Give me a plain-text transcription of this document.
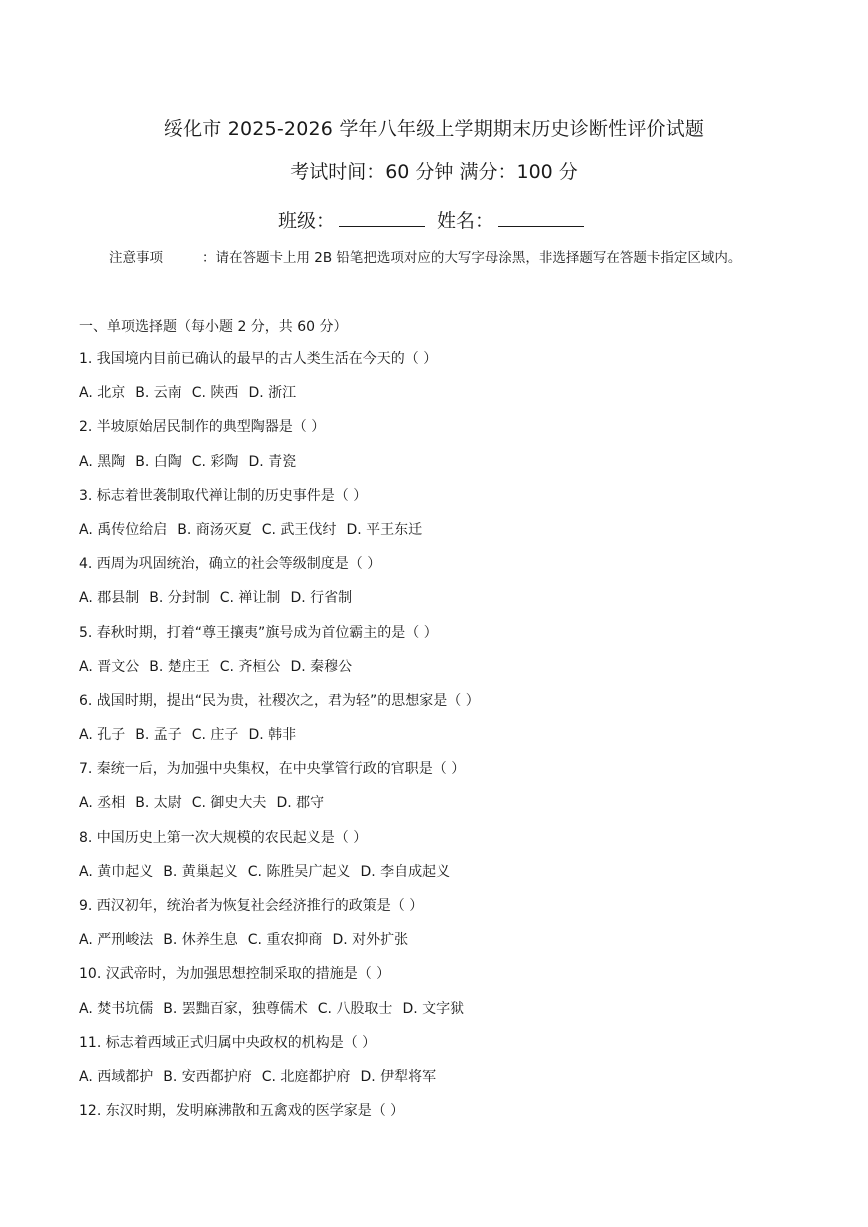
绥化市 2025-2026 学年八年级上学期期末历史诊断性评价试题
考试时间：60 分钟 满分：100 分
班级：	姓名：
注意事项	：请在答题卡上用 2B 铅笔把选项对应的大写字母涂黑，非选择题写在答题卡指定区域内。
一、单项选择题（每小题 2 分，共 60 分）
1. 我国境内目前已确认的最早的古人类生活在今天的（ ）
A. 北京 B. 云南 C. 陕西 D. 浙江
2. 半坡原始居民制作的典型陶器是（ ）
A. 黑陶 B. 白陶 C. 彩陶 D. 青瓷
3. 标志着世袭制取代禅让制的历史事件是（ ）
A. 禹传位给启 B. 商汤灭夏 C. 武王伐纣 D. 平王东迁
4. 西周为巩固统治，确立的社会等级制度是（ ）
A. 郡县制 B. 分封制 C. 禅让制 D. 行省制
5. 春秋时期，打着“尊王攘夷”旗号成为首位霸主的是（ ）
A. 晋文公 B. 楚庄王 C. 齐桓公 D. 秦穆公
6. 战国时期，提出“民为贵，社稷次之，君为轻”的思想家是（ ）
A. 孔子 B. 孟子 C. 庄子 D. 韩非
7. 秦统一后，为加强中央集权，在中央掌管行政的官职是（ ）
A. 丞相 B. 太尉 C. 御史大夫 D. 郡守
8. 中国历史上第一次大规模的农民起义是（ ）
A. 黄巾起义 B. 黄巢起义 C. 陈胜吴广起义 D. 李自成起义
9. 西汉初年，统治者为恢复社会经济推行的政策是（ ）
A. 严刑峻法 B. 休养生息 C. 重农抑商 D. 对外扩张
10. 汉武帝时，为加强思想控制采取的措施是（ ）
A. 焚书坑儒 B. 罢黜百家，独尊儒术 C. 八股取士 D. 文字狱
11. 标志着西域正式归属中央政权的机构是（ ）
A. 西域都护 B. 安西都护府 C. 北庭都护府 D. 伊犁将军
12. 东汉时期，发明麻沸散和五禽戏的医学家是（ ）
